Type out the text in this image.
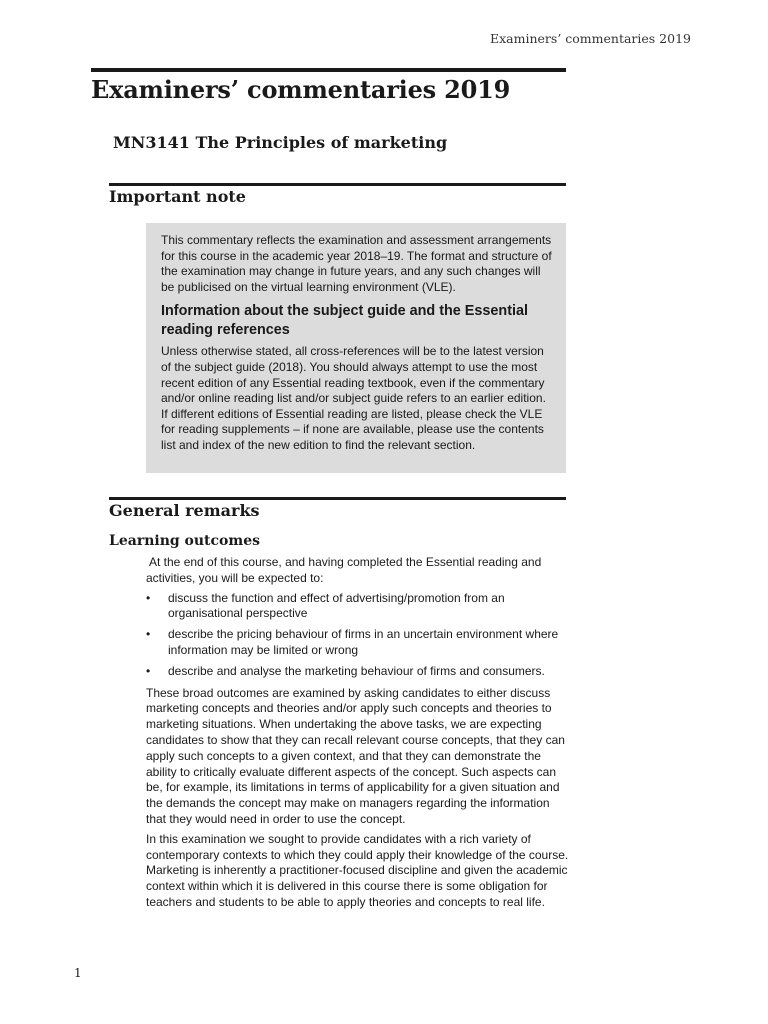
Examiners’ commentaries 2019
Examiners’ commentaries 2019
MN3141 The Principles of marketing
Important note

This commentary reflects the examination and assessment arrangements for this course in the academic year 2018–19. The format and structure of the examination may change in future years, and any such changes will be publicised on the virtual learning environment (VLE).

Information about the subject guide and the Essential reading references

Unless otherwise stated, all cross-references will be to the latest version of the subject guide (2018). You should always attempt to use the most recent edition of any Essential reading textbook, even if the commentary and/or online reading list and/or subject guide refers to an earlier edition. If different editions of Essential reading are listed, please check the VLE for reading supplements – if none are available, please use the contents list and index of the new edition to find the relevant section.

General remarks
Learning outcomes

At the end of this course, and having completed the Essential reading and activities, you will be expected to:

• discuss the function and effect of advertising/promotion from an organisational perspective
• describe the pricing behaviour of firms in an uncertain environment where information may be limited or wrong
• describe and analyse the marketing behaviour of firms and consumers.

These broad outcomes are examined by asking candidates to either discuss marketing concepts and theories and/or apply such concepts and theories to marketing situations. When undertaking the above tasks, we are expecting candidates to show that they can recall relevant course concepts, that they can apply such concepts to a given context, and that they can demonstrate the ability to critically evaluate different aspects of the concept. Such aspects can be, for example, its limitations in terms of applicability for a given situation and the demands the concept may make on managers regarding the information that they would need in order to use the concept.

In this examination we sought to provide candidates with a rich variety of contemporary contexts to which they could apply their knowledge of the course. Marketing is inherently a practitioner-focused discipline and given the academic context within which it is delivered in this course there is some obligation for teachers and students to be able to apply theories and concepts to real life.

1
